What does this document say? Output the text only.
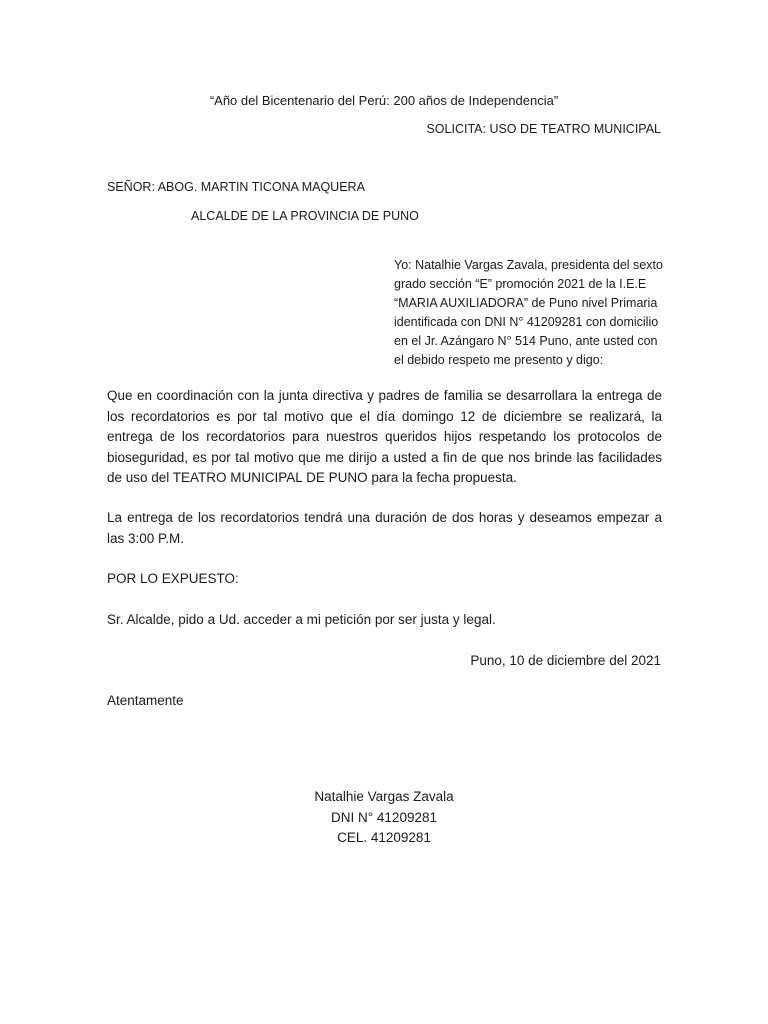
“Año del Bicentenario del Perú: 200 años de Independencia”
SOLICITA: USO DE TEATRO MUNICIPAL
SEÑOR: ABOG. MARTIN TICONA MAQUERA
ALCALDE DE LA PROVINCIA DE PUNO
Yo: Natalhie Vargas Zavala, presidenta del sexto
grado sección “E” promoción 2021 de la I.E.E
“MARIA AUXILIADORA” de Puno nivel Primaria
identificada con DNI N° 41209281 con domicilio
en el Jr. Azángaro N° 514 Puno, ante usted con
el debido respeto me presento y digo:
Que en coordinación con la junta directiva y padres de familia se desarrollara la entrega de los recordatorios es por tal motivo que el día domingo 12 de diciembre se realizará, la entrega de los recordatorios para nuestros queridos hijos respetando los protocolos de bioseguridad, es por tal motivo que me dirijo a usted a fin de que nos brinde las facilidades de uso del TEATRO MUNICIPAL DE PUNO para la fecha propuesta.
La entrega de los recordatorios tendrá una duración de dos horas y deseamos empezar a las 3:00 P.M.
POR LO EXPUESTO:
Sr. Alcalde, pido a Ud. acceder a mi petición por ser justa y legal.
Puno, 10 de diciembre del 2021
Atentamente
Natalhie Vargas Zavala
DNI N° 41209281
CEL. 41209281
